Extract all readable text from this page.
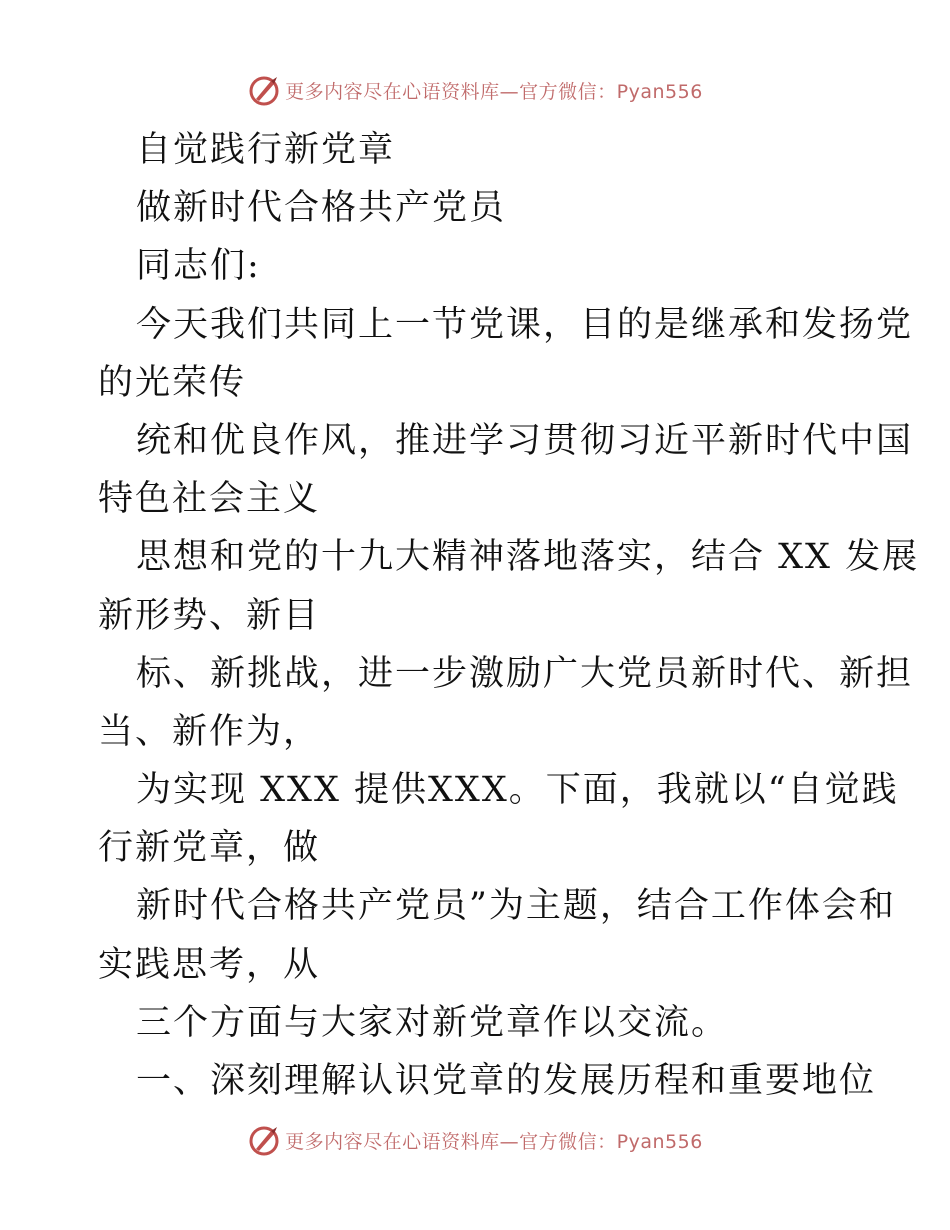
更多内容尽在心语资料库—官方微信：Pyan556
自觉践行新党章
做新时代合格共产党员
同志们:
今天我们共同上一节党课，目的是继承和发扬党
的光荣传
统和优良作风，推进学习贯彻习近平新时代中国
特色社会主义
思想和党的十九大精神落地落实，结合 XX 发展
新形势、新目
标、新挑战，进一步激励广大党员新时代、新担
当、新作为，
为实现 XXX 提供XXX。下面，我就以“自觉践
行新党章，做
新时代合格共产党员”为主题，结合工作体会和
实践思考，从
三个方面与大家对新党章作以交流。
一、深刻理解认识党章的发展历程和重要地位
更多内容尽在心语资料库—官方微信：Pyan556
